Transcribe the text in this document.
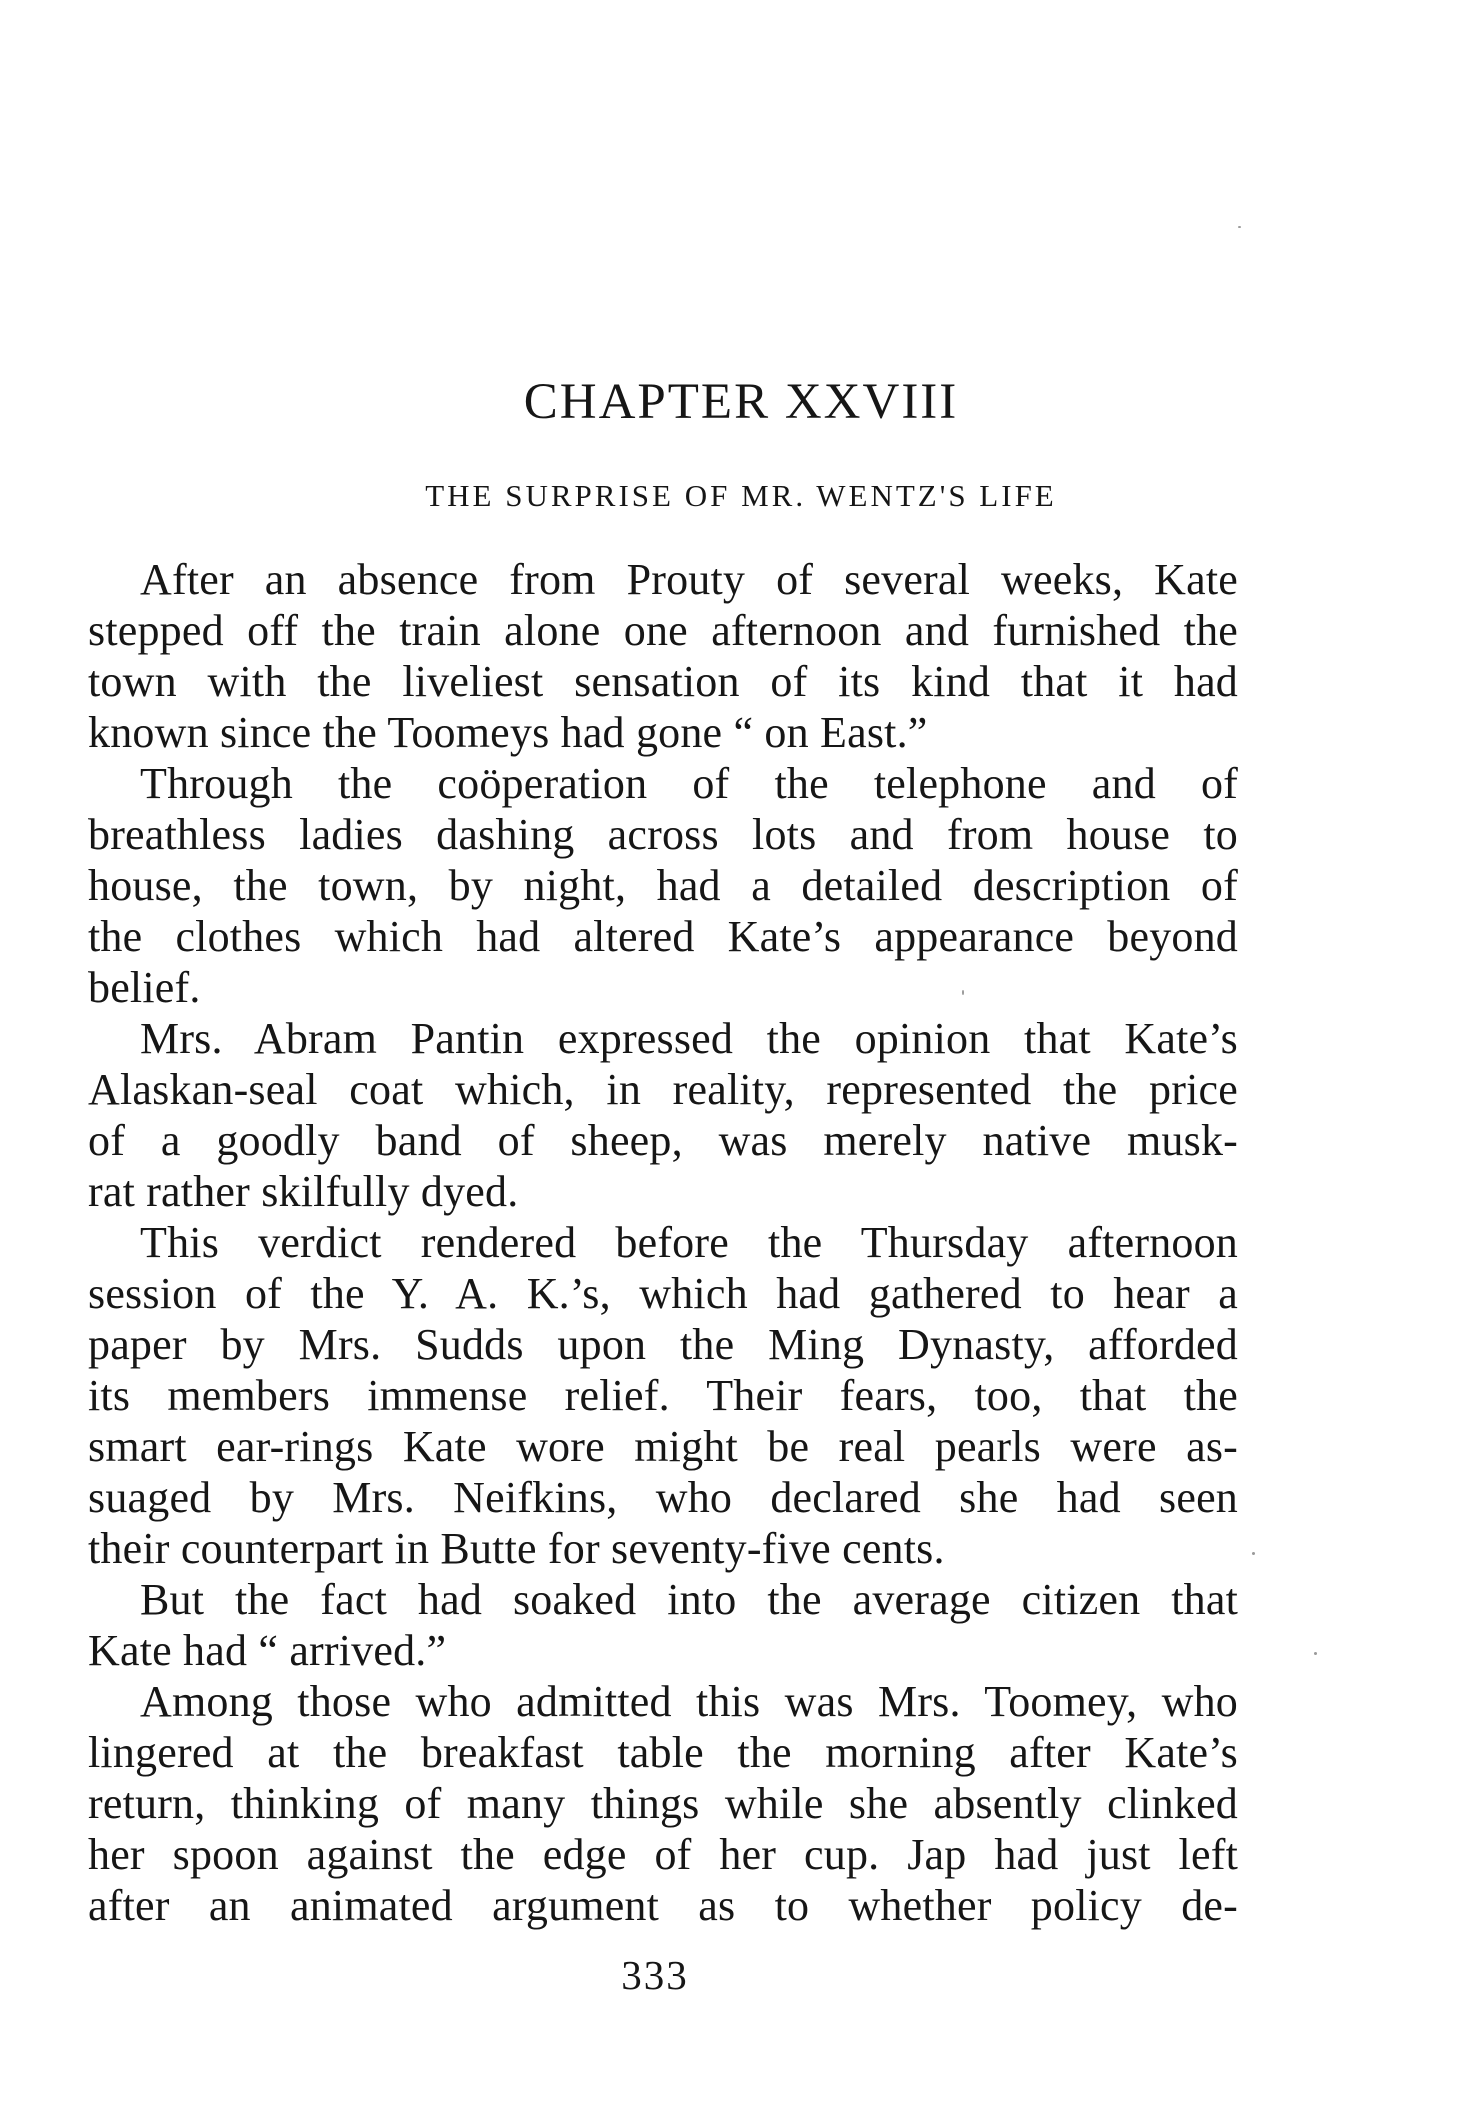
CHAPTER XXVIII
THE SURPRISE OF MR. WENTZ'S LIFE
After an absence from Prouty of several weeks, Kate
stepped off the train alone one afternoon and furnished the
town with the liveliest sensation of its kind that it had
known since the Toomeys had gone “ on East.”
Through the coöperation of the telephone and of
breathless ladies dashing across lots and from house to
house, the town, by night, had a detailed description of
the clothes which had altered Kate’s appearance beyond
belief.
Mrs. Abram Pantin expressed the opinion that Kate’s
Alaskan-seal coat which, in reality, represented the price
of a goodly band of sheep, was merely native musk-
rat rather skilfully dyed.
This verdict rendered before the Thursday afternoon
session of the Y. A. K.’s, which had gathered to hear a
paper by Mrs. Sudds upon the Ming Dynasty, afforded
its members immense relief. Their fears, too, that the
smart ear-rings Kate wore might be real pearls were as-
suaged by Mrs. Neifkins, who declared she had seen
their counterpart in Butte for seventy-five cents.
But the fact had soaked into the average citizen that
Kate had “ arrived.”
Among those who admitted this was Mrs. Toomey, who
lingered at the breakfast table the morning after Kate’s
return, thinking of many things while she absently clinked
her spoon against the edge of her cup. Jap had just left
after an animated argument as to whether policy de-
333
